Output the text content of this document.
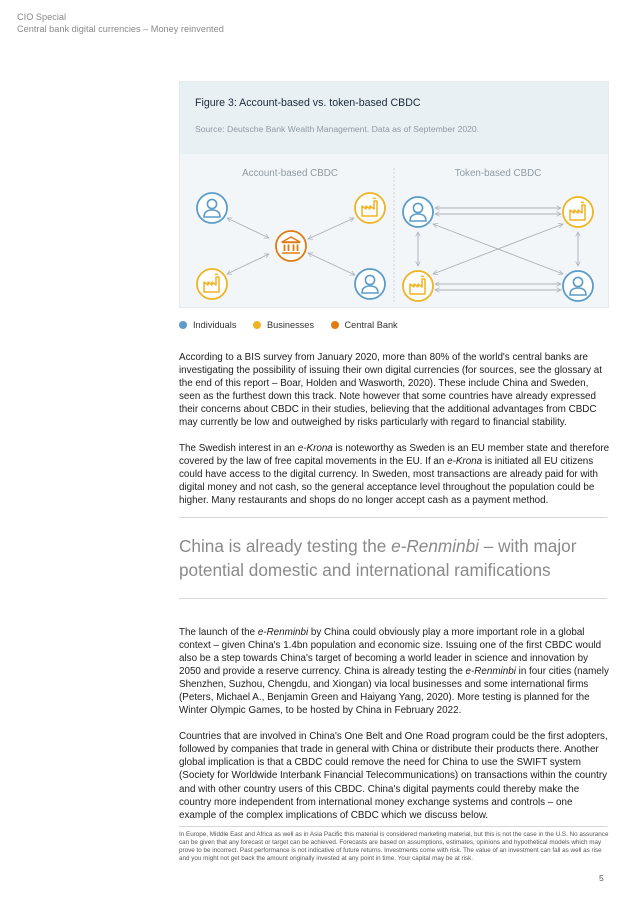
CIO Special
Central bank digital currencies – Money reinvented
Figure 3: Account-based vs. token-based CBDC
Source: Deutsche Bank Wealth Management. Data as of September 2020.
Account-based CBDC	Token-based CBDC
Individuals	Businesses	Central Bank

According to a BIS survey from January 2020, more than 80% of the world's central banks are investigating the possibility of issuing their own digital currencies (for sources, see the glossary at the end of this report – Boar, Holden and Wasworth, 2020). These include China and Sweden, seen as the furthest down this track. Note however that some countries have already expressed their concerns about CBDC in their studies, believing that the additional advantages from CBDC may currently be low and outweighed by risks particularly with regard to financial stability.

The Swedish interest in an e-Krona is noteworthy as Sweden is an EU member state and therefore covered by the law of free capital movements in the EU. If an e-Krona is initiated all EU citizens could have access to the digital currency. In Sweden, most transactions are already paid for with digital money and not cash, so the general acceptance level throughout the population could be higher. Many restaurants and shops do no longer accept cash as a payment method.

China is already testing the e-Renminbi – with major potential domestic and international ramifications

The launch of the e-Renminbi by China could obviously play a more important role in a global context – given China's 1.4bn population and economic size. Issuing one of the first CBDC would also be a step towards China's target of becoming a world leader in science and innovation by 2050 and provide a reserve currency. China is already testing the e-Renminbi in four cities (namely Shenzhen, Suzhou, Chengdu, and Xiongan) via local businesses and some international firms (Peters, Michael A., Benjamin Green and Haiyang Yang, 2020). More testing is planned for the Winter Olympic Games, to be hosted by China in February 2022.

Countries that are involved in China's One Belt and One Road program could be the first adopters, followed by companies that trade in general with China or distribute their products there. Another global implication is that a CBDC could remove the need for China to use the SWIFT system (Society for Worldwide Interbank Financial Telecommunications) on transactions within the country and with other country users of this CBDC. China's digital payments could thereby make the country more independent from international money exchange systems and controls – one example of the complex implications of CBDC which we discuss below.

In Europe, Middle East and Africa as well as in Asia Pacific this material is considered marketing material, but this is not the case in the U.S. No assurance can be given that any forecast or target can be achieved. Forecasts are based on assumptions, estimates, opinions and hypothetical models which may prove to be incorrect. Past performance is not indicative of future returns. Investments come with risk. The value of an investment can fall as well as rise and you might not get back the amount originally invested at any point in time. Your capital may be at risk.
5
